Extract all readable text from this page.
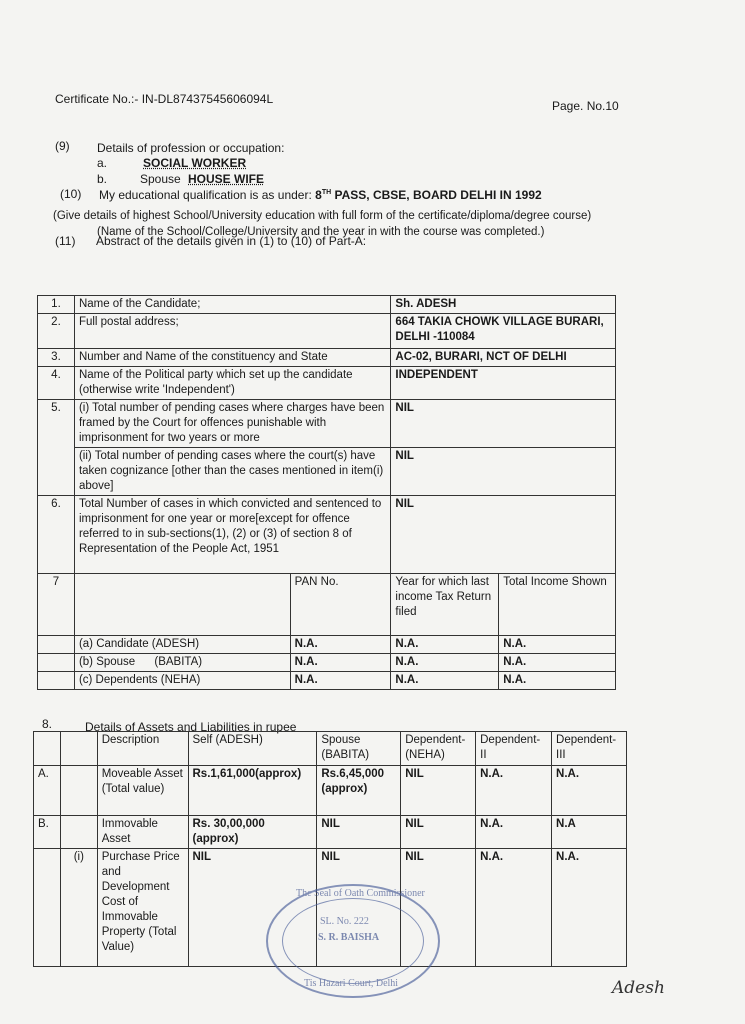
Certificate No.:- IN-DL87437545606094L	Page. No.10
(9) Details of profession or occupation:
a.	SOCIAL WORKER
b.	Spouse HOUSE WIFE
(10) My educational qualification is as under: 8TH PASS, CBSE, BOARD DELHI IN 1992
(Give details of highest School/University education with full form of the certificate/diploma/degree course)
(Name of the School/College/University and the year in with the course was completed.)
(11) Abstract of the details given in (1) to (10) of Part-A:
1.	Name of the Candidate;		Sh. ADESH	
2.	Full postal address;		664 TAKIA CHOWK VILLAGE BURARI, DELHI -110084	
3.	Number and Name of the constituency and State		AC-02, BURARI, NCT OF DELHI	
4.	Name of the Political party which set up the candidate (otherwise write 'Independent')		INDEPENDENT	
5.	(i) Total number of pending cases where charges have been framed by the Court for offences punishable with imprisonment for two years or more		NIL	
	(ii) Total number of pending cases where the court(s) have taken cognizance [other than the cases mentioned in item(i) above]		NIL	
6.	Total Number of cases in which convicted and sentenced to imprisonment for one year or more[except for offence referred to in sub-sections(1), (2) or (3) of section 8 of Representation of the People Act, 1951		NIL	
7		PAN No.	Year for which last income Tax Return filed	Total Income Shown
	(a) Candidate (ADESH)	N.A.	N.A.	N.A.
	(b) Spouse      (BABITA)	N.A.	N.A.	N.A.
	(c) Dependents (NEHA)	N.A.	N.A.	N.A.
8.	Details of Assets and Liabilities in rupee
		Description	Self (ADESH)	Spouse (BABITA)	Dependent- (NEHA)	Dependent- II	Dependent- III
A.		Moveable Asset (Total value)	Rs.1,61,000(approx)	Rs.6,45,000 (approx)	NIL	N.A.	N.A.
B.		Immovable Asset	Rs. 30,00,000 (approx)	NIL	NIL	N.A.	N.A
	(i)	Purchase Price and Development Cost of Immovable Property (Total Value)	NIL	NIL	NIL	N.A.	N.A.
The Seal of Oath Commissioner
SL. No. 222
S. R. BAISHA
Tis Hazari Court, Delhi	Adesh
